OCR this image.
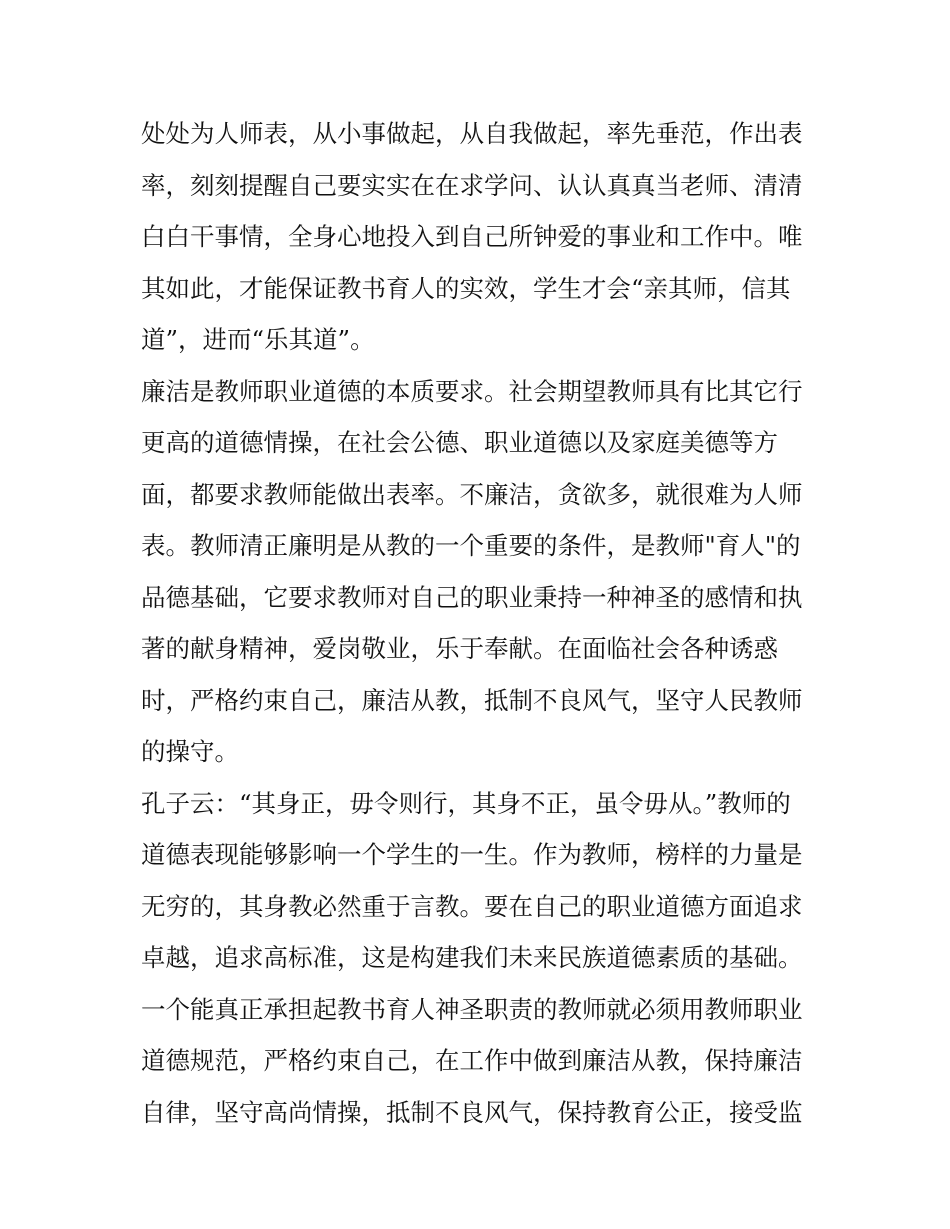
处处为人师表，从小事做起，从自我做起，率先垂范，作出表
率，刻刻提醒自己要实实在在求学问、认认真真当老师、清清
白白干事情，全身心地投入到自己所钟爱的事业和工作中。唯
其如此，才能保证教书育人的实效，学生才会“亲其师，信其
道”，进而“乐其道”。
廉洁是教师职业道德的本质要求。社会期望教师具有比其它行
更高的道德情操，在社会公德、职业道德以及家庭美德等方
面，都要求教师能做出表率。不廉洁，贪欲多，就很难为人师
表。教师清正廉明是从教的一个重要的条件，是教师"育人"的
品德基础，它要求教师对自己的职业秉持一种神圣的感情和执
著的献身精神，爱岗敬业，乐于奉献。在面临社会各种诱惑
时，严格约束自己，廉洁从教，抵制不良风气，坚守人民教师
的操守。
孔子云：“其身正，毋令则行，其身不正，虽令毋从。”教师的
道德表现能够影响一个学生的一生。作为教师，榜样的力量是
无穷的，其身教必然重于言教。要在自己的职业道德方面追求
卓越，追求高标准，这是构建我们未来民族道德素质的基础。
一个能真正承担起教书育人神圣职责的教师就必须用教师职业
道德规范，严格约束自己，在工作中做到廉洁从教，保持廉洁
自律，坚守高尚情操，抵制不良风气，保持教育公正，接受监
